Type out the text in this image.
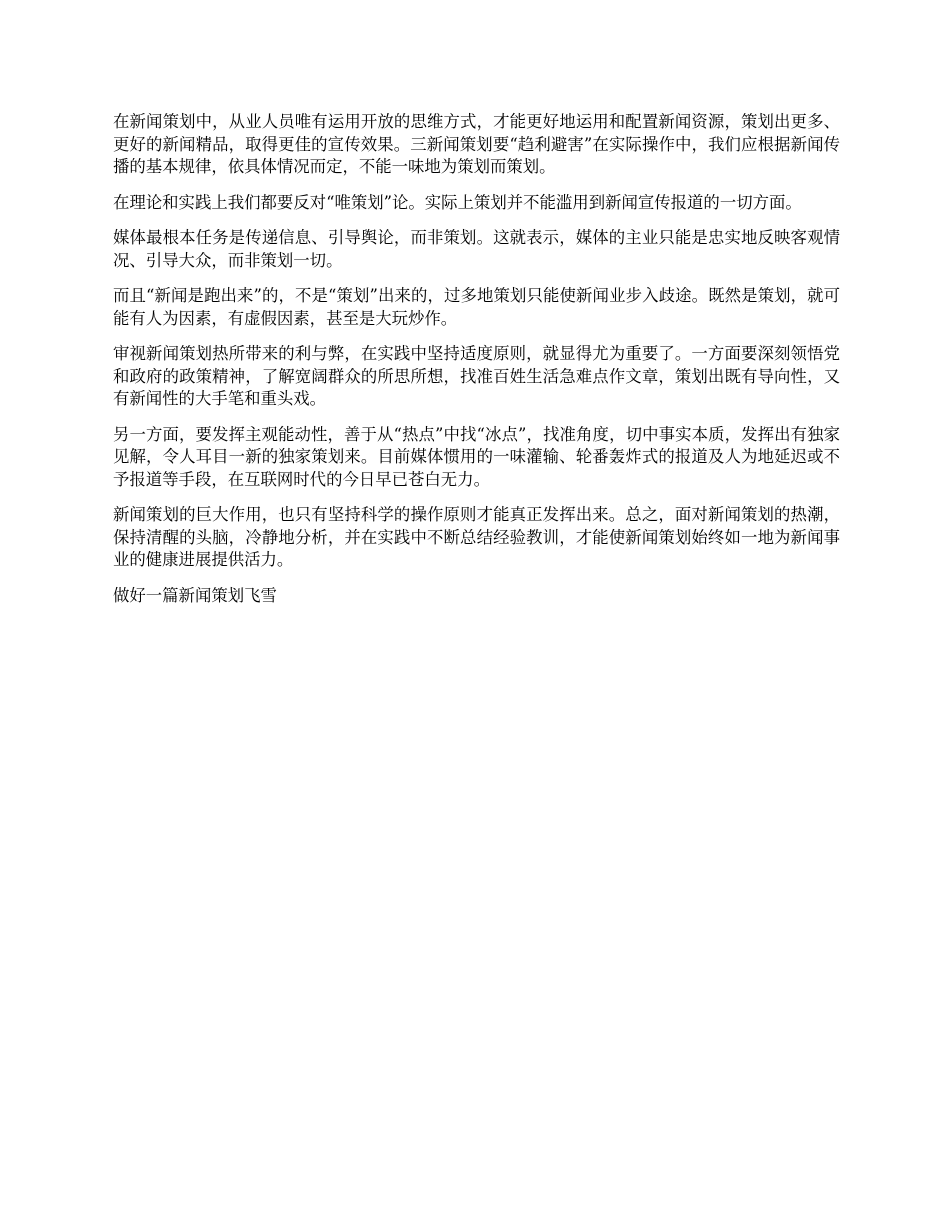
在新闻策划中，从业人员唯有运用开放的思维方式，才能更好地运用和配置新闻资源，策划出更多、更好的新闻精品，取得更佳的宣传效果。三新闻策划要“趋利避害”在实际操作中，我们应根据新闻传播的基本规律，依具体情况而定，不能一味地为策划而策划。

在理论和实践上我们都要反对“唯策划”论。实际上策划并不能滥用到新闻宣传报道的一切方面。

媒体最根本任务是传递信息、引导舆论，而非策划。这就表示，媒体的主业只能是忠实地反映客观情况、引导大众，而非策划一切。

而且“新闻是跑出来”的，不是“策划”出来的，过多地策划只能使新闻业步入歧途。既然是策划，就可能有人为因素，有虚假因素，甚至是大玩炒作。

审视新闻策划热所带来的利与弊，在实践中坚持适度原则，就显得尤为重要了。一方面要深刻领悟党和政府的政策精神，了解宽阔群众的所思所想，找准百姓生活急难点作文章，策划出既有导向性，又有新闻性的大手笔和重头戏。

另一方面，要发挥主观能动性，善于从“热点”中找“冰点”，找准角度，切中事实本质，发挥出有独家见解，令人耳目一新的独家策划来。目前媒体惯用的一味灌输、轮番轰炸式的报道及人为地延迟或不予报道等手段，在互联网时代的今日早已苍白无力。

新闻策划的巨大作用，也只有坚持科学的操作原则才能真正发挥出来。总之，面对新闻策划的热潮，保持清醒的头脑，冷静地分析，并在实践中不断总结经验教训，才能使新闻策划始终如一地为新闻事业的健康进展提供活力。

做好一篇新闻策划飞雪
